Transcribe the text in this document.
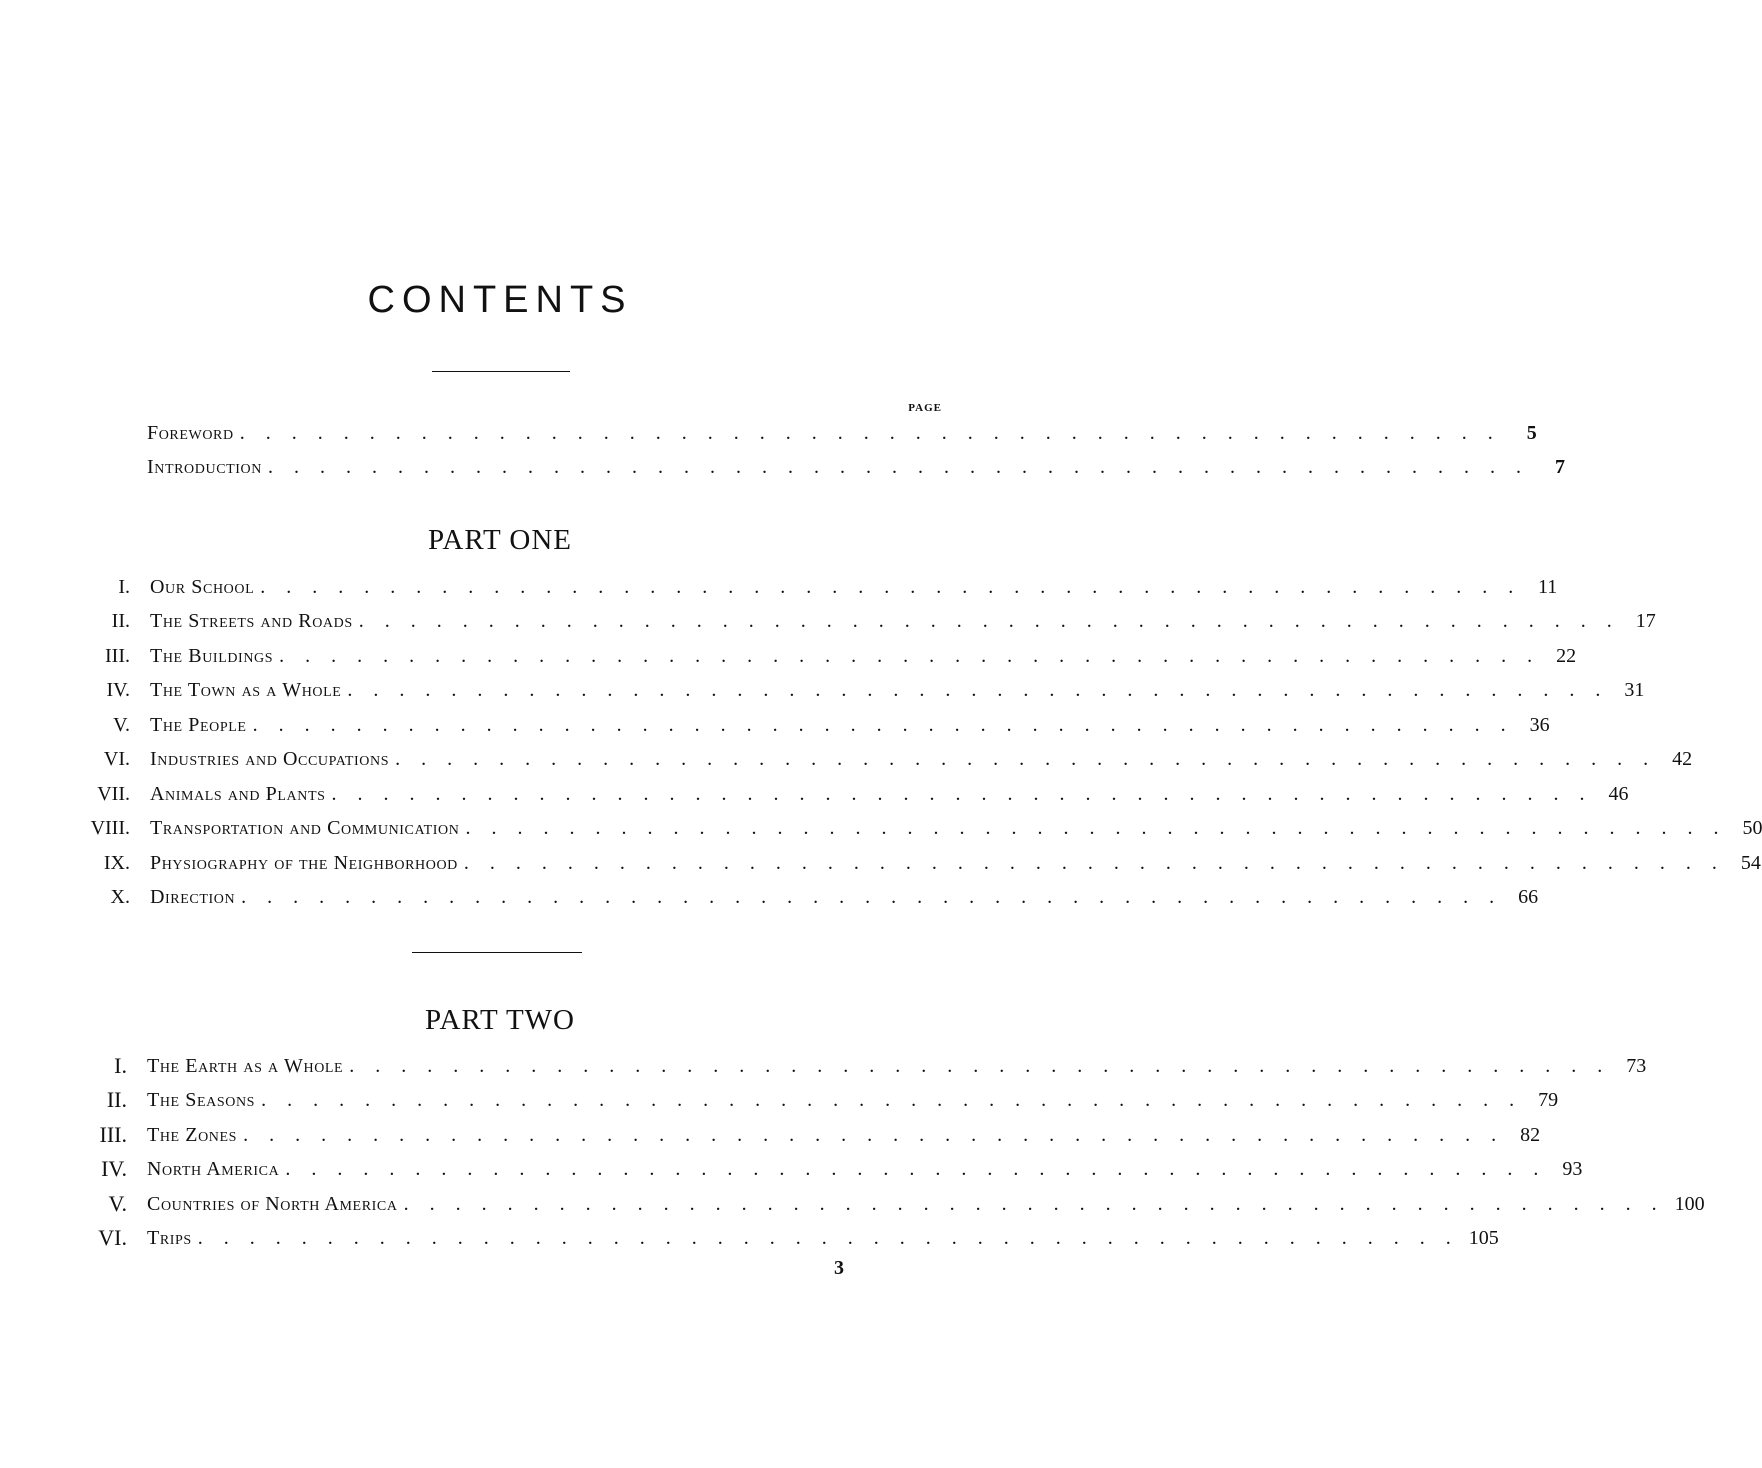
CONTENTS
PAGE
Foreword . . . . . . . . . . . . . . . . . . . . . . . . . . . . . . . . . . . . . . . . . . . . . . . . .	5
Introduction . . . . . . . . . . . . . . . . . . . . . . . . . . . . . . . . . . . . . . . . . . . . . . . . .	7
PART ONE
I. Our School . . . . . . . . . . . . . . . . . . . . . . . . . . . . . . . . . . . . . . . . . . . . . . . . . 11
II. The Streets and Roads . . . . . . . . . . . . . . . . . . . . . . . . . . . . . . . . . . . . . . . . . . . . . . . . . 17
III. The Buildings . . . . . . . . . . . . . . . . . . . . . . . . . . . . . . . . . . . . . . . . . . . . . . . . . 22
IV. The Town as a Whole . . . . . . . . . . . . . . . . . . . . . . . . . . . . . . . . . . . . . . . . . . . . . . . . . 31
V. The People . . . . . . . . . . . . . . . . . . . . . . . . . . . . . . . . . . . . . . . . . . . . . . . . . 36
VI. Industries and Occupations . . . . . . . . . . . . . . . . . . . . . . . . . . . . . . . . . . . . . . . . . . . . . . . . . 42
VII. Animals and Plants . . . . . . . . . . . . . . . . . . . . . . . . . . . . . . . . . . . . . . . . . . . . . . . . . 46
VIII. Transportation and Communication . . . . . . . . . . . . . . . . . . . . . . . . . . . . . . . . . . . . . . . . . . . . . . . . . 50
IX. Physiography of the Neighborhood . . . . . . . . . . . . . . . . . . . . . . . . . . . . . . . . . . . . . . . . . . . . . . . . . 54
X. Direction . . . . . . . . . . . . . . . . . . . . . . . . . . . . . . . . . . . . . . . . . . . . . . . . . 66
PART TWO
I. The Earth as a Whole . . . . . . . . . . . . . . . . . . . . . . . . . . . . . . . . . . . . . . . . . . . . . . . . . 73
II. The Seasons . . . . . . . . . . . . . . . . . . . . . . . . . . . . . . . . . . . . . . . . . . . . . . . . . 79
III. The Zones . . . . . . . . . . . . . . . . . . . . . . . . . . . . . . . . . . . . . . . . . . . . . . . . . 82
IV. North America . . . . . . . . . . . . . . . . . . . . . . . . . . . . . . . . . . . . . . . . . . . . . . . . . 93
V. Countries of North America . . . . . . . . . . . . . . . . . . . . . . . . . . . . . . . . . . . . . . . . . . . . . . . . . 100
VI. Trips . . . . . . . . . . . . . . . . . . . . . . . . . . . . . . . . . . . . . . . . . . . . . . . . . 105
3
